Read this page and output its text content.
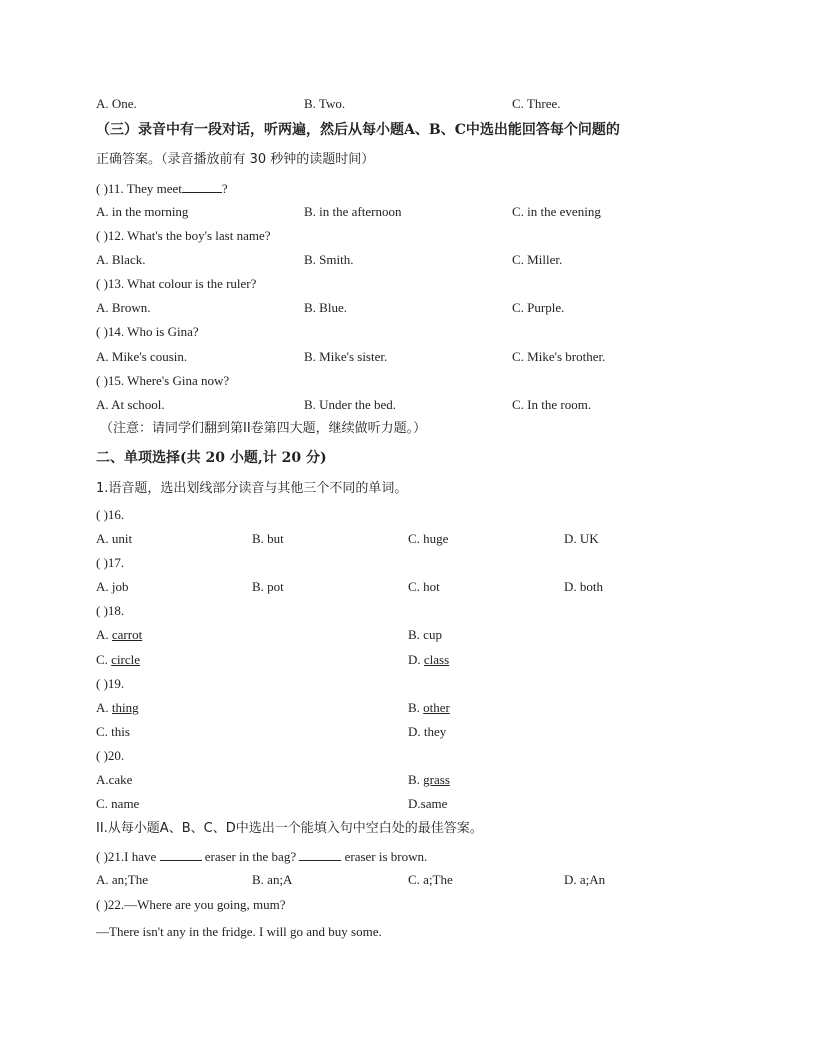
A. One.	B. Two.	C. Three.
（三）录音中有一段对话，听两遍，然后从每小题A、B、C中选出能回答每个问题的
正确答案。（录音播放前有 30 秒钟的读题时间）
( )11. They meet	?
A. in the morning	B. in the afternoon	C. in the evening
( )12. What's the boy's last name?
A. Black.	B. Smith.	C. Miller.
( )13. What colour is the ruler?
A. Brown.	B. Blue.	C. Purple.
( )14. Who is Gina?
A. Mike's cousin.	B. Mike's sister.	C. Mike's brother.
( )15. Where's Gina now?
A. At school.	B. Under the bed.	C. In the room.
（注意：请同学们翻到第II卷第四大题，继续做听力题。）
二、单项选择(共 20 小题,计 20 分)
1.语音题，选出划线部分读音与其他三个不同的单词。
( )16.
A. unit	B. but	C. huge	D. UK
( )17.
A. job	B. pot	C. hot	D. both
( )18.
A. carrot	B. cup
C. circle	D. class
( )19.
A. thing	B. other
C. this	D. they
( )20.
A.cake	B. grass
C. name	D.same
II.从每小题A、B、C、D中选出一个能填入句中空白处的最佳答案。
( )21.I have	eraser in the bag?	eraser is brown.
A. an;The	B. an;A	C. a;The	D. a;An
( )22.—Where are you going, mum?
—There isn't any in the fridge. I will go and buy some.
